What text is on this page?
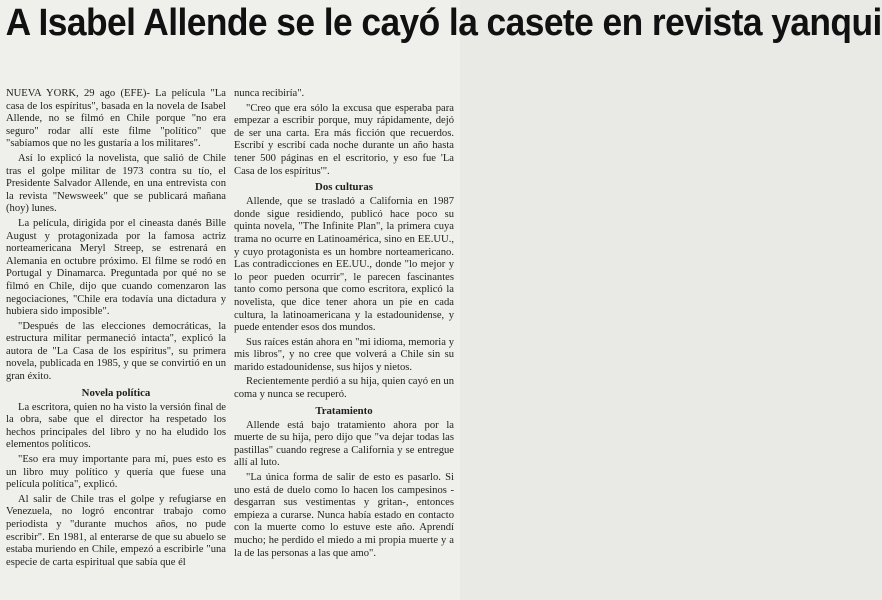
A Isabel Allende se le cayó la casete en revista yanqui

NUEVA YORK, 29 ago (EFE)- La película "La casa de los espíritus", basada en la novela de Isabel Allende, no se filmó en Chile porque "no era seguro" rodar allí este filme "político" que "sabíamos que no les gustaría a los militares".

Así lo explicó la novelista, que salió de Chile tras el golpe militar de 1973 contra su tío, el Presidente Salvador Allende, en una entrevista con la revista "Newsweek" que se publicará mañana (hoy) lunes.

La película, dirigida por el cineasta danés Bille August y protagonizada por la famosa actriz norteamericana Meryl Streep, se estrenará en Alemania en octubre próximo. El filme se rodó en Portugal y Dinamarca. Preguntada por qué no se filmó en Chile, dijo que cuando comenzaron las negociaciones, "Chile era todavía una dictadura y hubiera sido imposible".

"Después de las elecciones democráticas, la estructura militar permaneció intacta", explicó la autora de "La Casa de los espíritus", su primera novela, publicada en 1985, y que se convirtió en un gran éxito.

Novela política

La escritora, quien no ha visto la versión final de la obra, sabe que el director ha respetado los hechos principales del libro y no ha eludido los elementos políticos.

"Eso era muy importante para mí, pues esto es un libro muy político y quería que fuese una película política", explicó.

Al salir de Chile tras el golpe y refugiarse en Venezuela, no logró encontrar trabajo como periodista y "durante muchos años, no pude escribir". En 1981, al enterarse de que su abuelo se estaba muriendo en Chile, empezó a escribirle "una especie de carta espiritual que sabía que él

nunca recibiría".

"Creo que era sólo la excusa que esperaba para empezar a escribir porque, muy rápidamente, dejó de ser una carta. Era más ficción que recuerdos. Escribí y escribí cada noche durante un año hasta tener 500 páginas en el escritorio, y eso fue 'La Casa de los espíritus'".

Dos culturas

Allende, que se trasladó a California en 1987 donde sigue residiendo, publicó hace poco su quinta novela, "The Infinite Plan", la primera cuya trama no ocurre en Latinoamérica, sino en EE.UU., y cuyo protagonista es un hombre norteamericano. Las contradicciones en EE.UU., donde "lo mejor y lo peor pueden ocurrir", le parecen fascinantes tanto como persona que como escritora, explicó la novelista, que dice tener ahora un pie en cada cultura, la latinoamericana y la estadounidense, y puede entender esos dos mundos.

Sus raíces están ahora en "mi idioma, memoria y mis libros", y no cree que volverá a Chile sin su marido estadounidense, sus hijos y nietos.

Recientemente perdió a su hija, quien cayó en un coma y nunca se recuperó.

Tratamiento

Allende está bajo tratamiento ahora por la muerte de su hija, pero dijo que "va dejar todas las pastillas" cuando regrese a California y se entregue allí al luto.

"La única forma de salir de esto es pasarlo. Si uno está de duelo como lo hacen los campesinos -desgarran sus vestimentas y gritan-, entonces empieza a curarse. Nunca había estado en contacto con la muerte como lo estuve este año. Aprendí mucho; he perdido el miedo a mi propia muerte y a la de las personas a las que amo".
